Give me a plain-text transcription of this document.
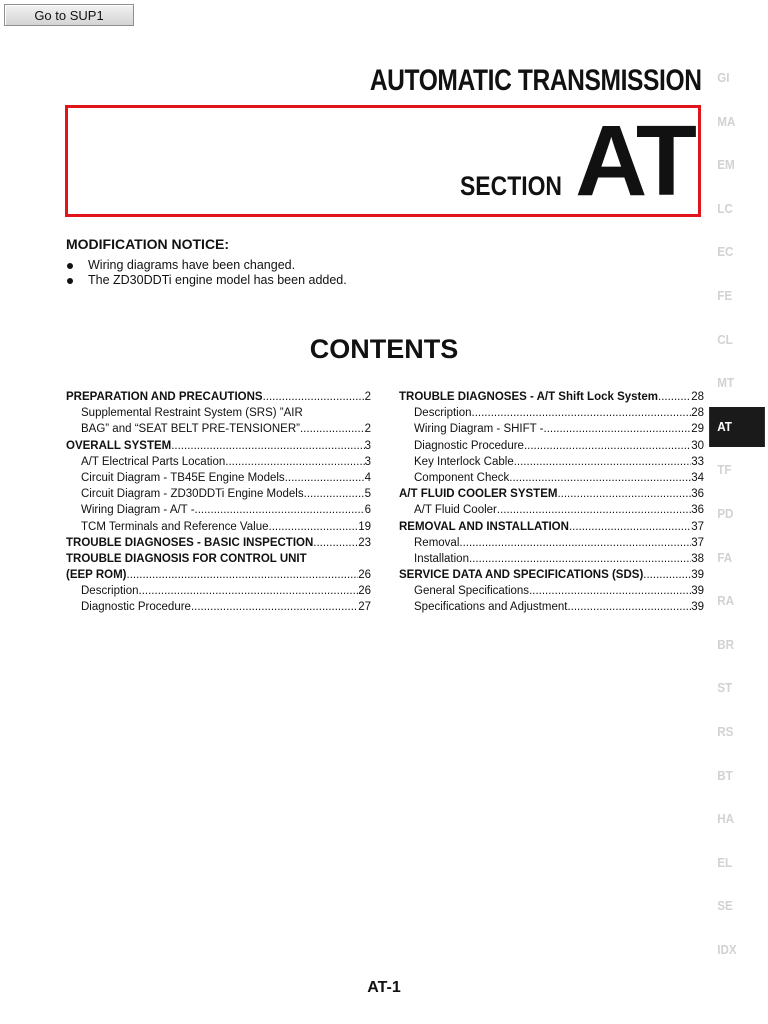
Go to SUP1
AUTOMATIC TRANSMISSION
SECTION AT
MODIFICATION NOTICE:
Wiring diagrams have been changed.
The ZD30DDTi engine model has been added.
CONTENTS
PREPARATION AND PRECAUTIONS .....	2
Supplemental Restraint System (SRS) ”AIR
BAG” and “SEAT BELT PRE-TENSIONER” .....	2
OVERALL SYSTEM .....	3
A/T Electrical Parts Location .....	3
Circuit Diagram - TB45E Engine Models .....	4
Circuit Diagram - ZD30DDTi Engine Models .....	5
Wiring Diagram - A/T - .....	6
TCM Terminals and Reference Value .....	19
TROUBLE DIAGNOSES - BASIC INSPECTION .....	23
TROUBLE DIAGNOSIS FOR CONTROL UNIT
(EEP ROM) .....	26
Description .....	26
Diagnostic Procedure .....	27
TROUBLE DIAGNOSES - A/T Shift Lock System .....	28
Description .....	28
Wiring Diagram - SHIFT - .....	29
Diagnostic Procedure .....	30
Key Interlock Cable .....	33
Component Check .....	34
A/T FLUID COOLER SYSTEM .....	36
A/T Fluid Cooler .....	36
REMOVAL AND INSTALLATION .....	37
Removal .....	37
Installation .....	38
SERVICE DATA AND SPECIFICATIONS (SDS) .....	39
General Specifications .....	39
Specifications and Adjustment .....	39
GI
MA
EM
LC
EC
FE
CL
MT
AT
TF
PD
FA
RA
BR
ST
RS
BT
HA
EL
SE
IDX
AT-1
